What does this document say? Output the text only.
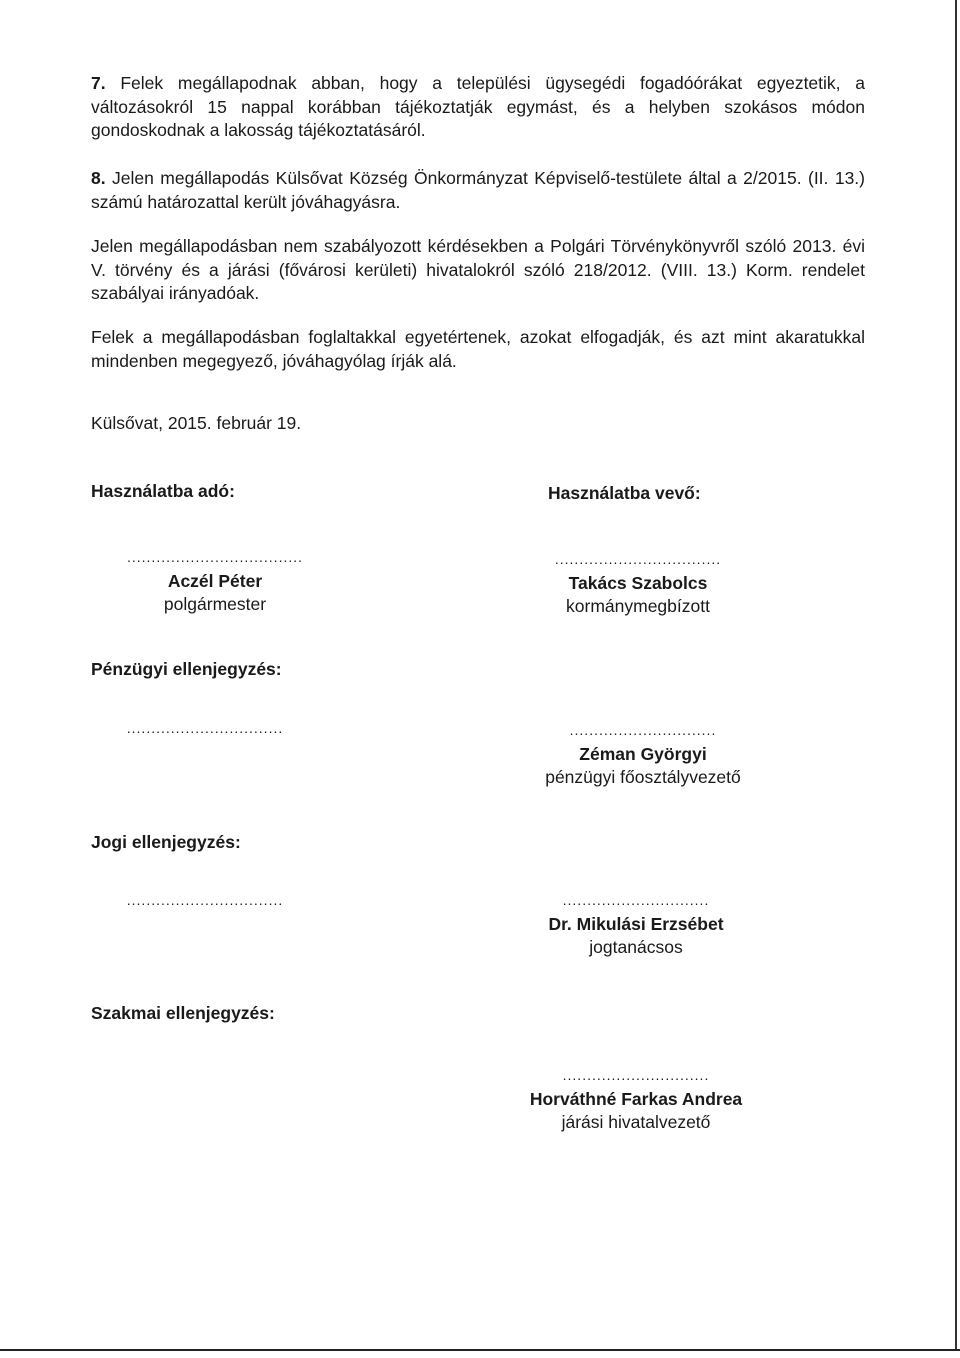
7. Felek megállapodnak abban, hogy a települési ügysegédi fogadóórákat egyeztetik, a változásokról 15 nappal korábban tájékoztatják egymást, és a helyben szokásos módon gondoskodnak a lakosság tájékoztatásáról.

8. Jelen megállapodás Külsővat Község Önkormányzat Képviselő-testülete által a 2/2015. (II. 13.) számú határozattal került jóváhagyásra.

Jelen megállapodásban nem szabályozott kérdésekben a Polgári Törvénykönyvről szóló 2013. évi V. törvény és a járási (fővárosi kerületi) hivatalokról szóló 218/2012. (VIII. 13.) Korm. rendelet szabályai irányadóak.

Felek a megállapodásban foglaltakkal egyetértenek, azokat elfogadják, és azt mint akaratukkal mindenben megegyező, jóváhagyólag írják alá.

Külsővat, 2015. február 19.
Használatba adó:	Használatba vevő:
....................................
Aczél Péter
polgármester
..................................
Takács Szabolcs
kormánymegbízott
Pénzügyi ellenjegyzés:
................................	..............................
Zéman Györgyi
pénzügyi főosztályvezető
Jogi ellenjegyzés:
................................	..............................
Dr. Mikulási Erzsébet
jogtanácsos
Szakmai ellenjegyzés:
..............................
Horváthné Farkas Andrea
járási hivatalvezető
